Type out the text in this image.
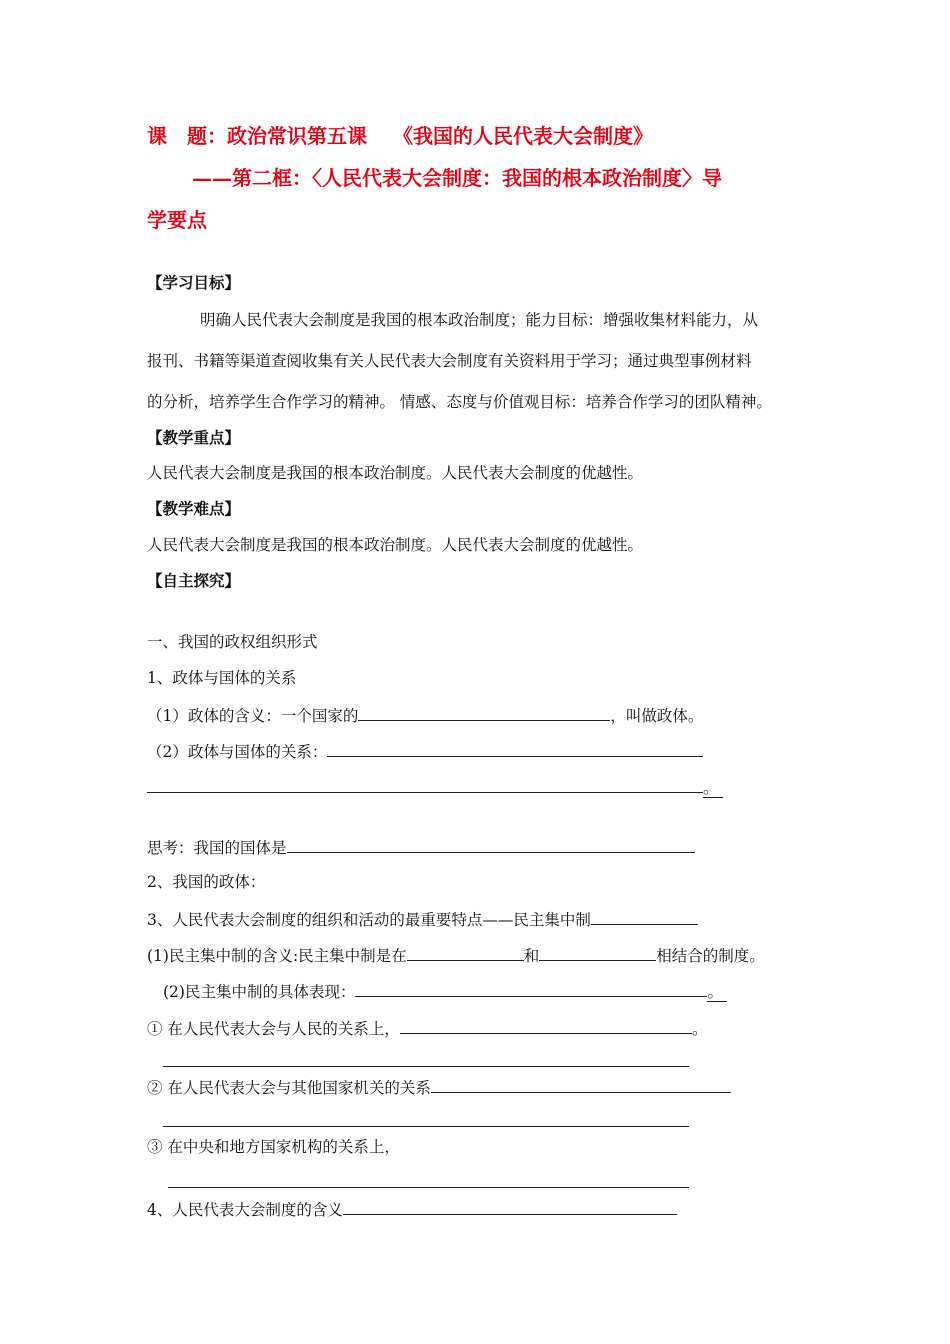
课　题：政治常识第五课 《我国的人民代表大会制度》
——第二框：〈人民代表大会制度：我国的根本政治制度〉导
学要点
【学习目标】
明确人民代表大会制度是我国的根本政治制度；能力目标：增强收集材料能力，从
报刊、书籍等渠道查阅收集有关人民代表大会制度有关资料用于学习；通过典型事例材料
的分析，培养学生合作学习的精神。 情感、态度与价值观目标：培养合作学习的团队精神。
【教学重点】
人民代表大会制度是我国的根本政治制度。人民代表大会制度的优越性。
【教学难点】
人民代表大会制度是我国的根本政治制度。人民代表大会制度的优越性。
【自主探究】
一、我国的政权组织形式
1、政体与国体的关系
（1）政体的含义：一个国家的	，叫做政体。
（2）政体与国体的关系：
。
思考：我国的国体是
2、我国的政体：
3、人民代表大会制度的组织和活动的最重要特点——民主集中制
(1)民主集中制的含义:民主集中制是在	和	相结合的制度。
(2)民主集中制的具体表现：	。
① 在人民代表大会与人民的关系上，	。
② 在人民代表大会与其他国家机关的关系
③ 在中央和地方国家机构的关系上，
4、人民代表大会制度的含义
